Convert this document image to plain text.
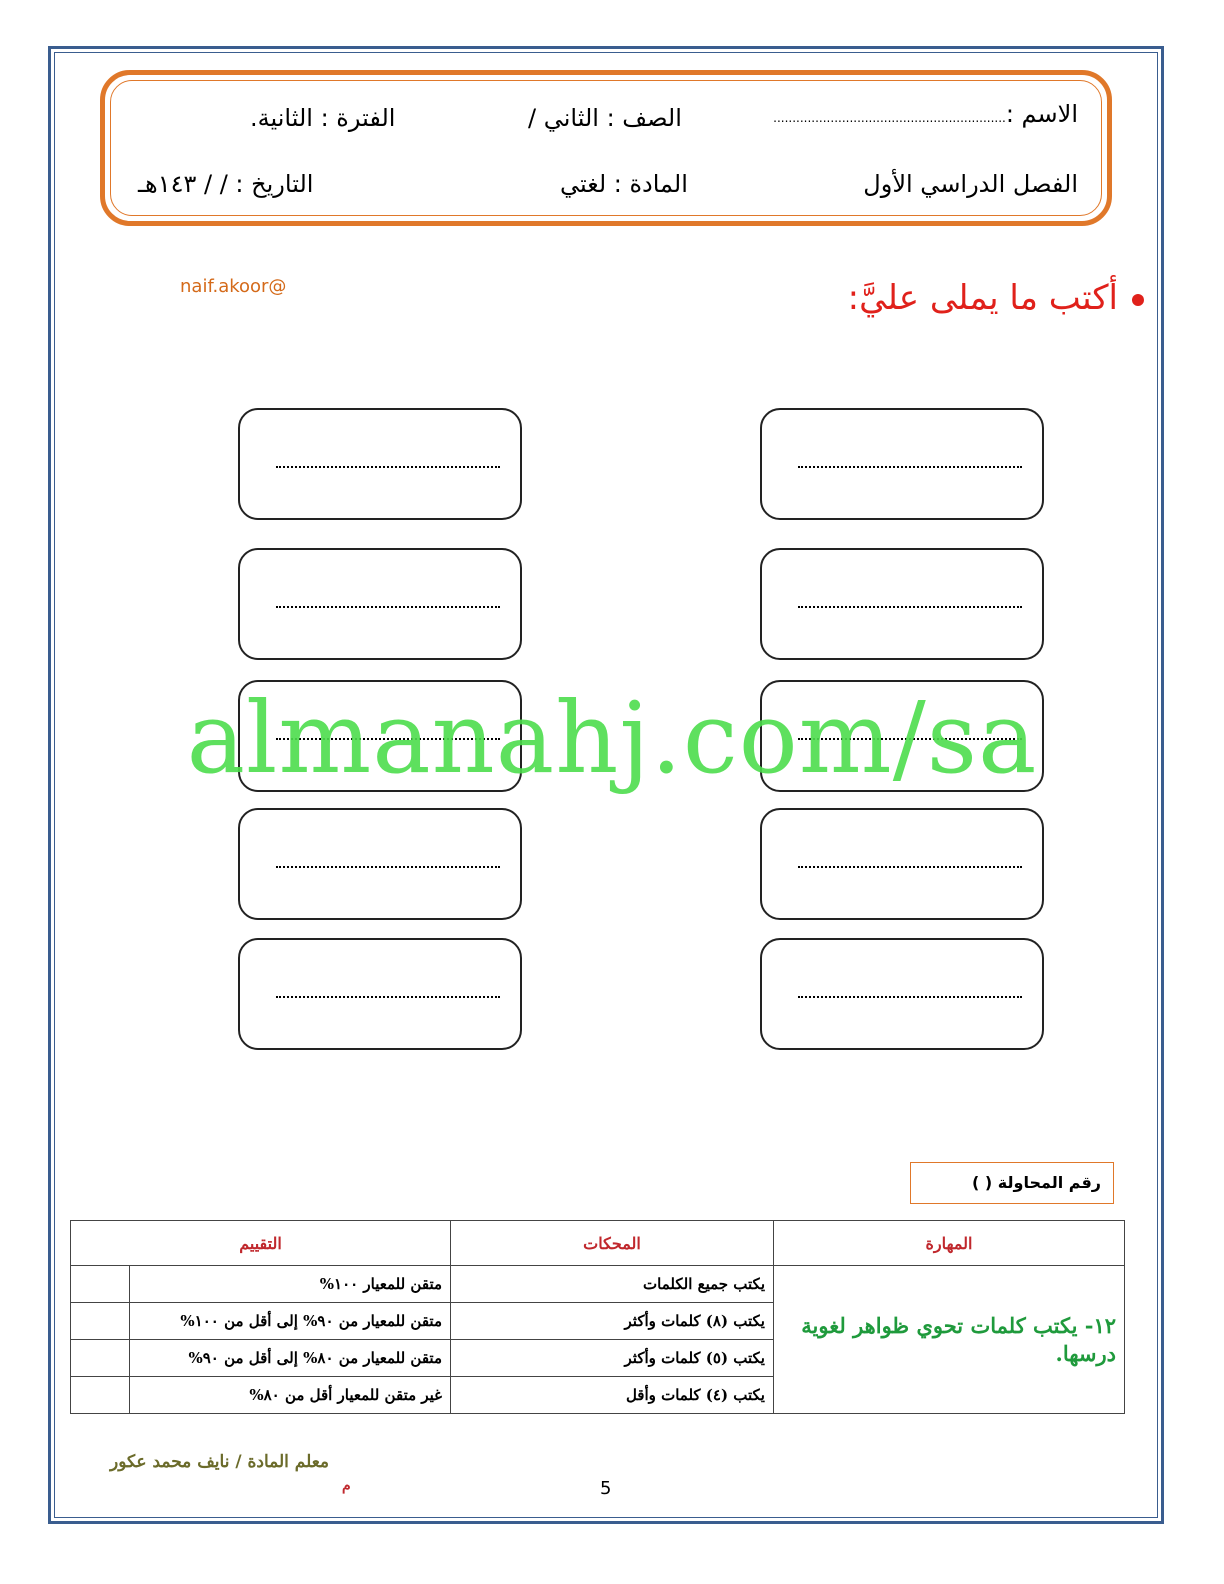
الاسم :.............................................................
الصف : الثاني /
الفترة : الثانية.
الفصل الدراسي الأول
المادة : لغتي
التاريخ : / / ١٤٣هـ
أكتب ما يملى عليَّ:
naif.akoor@
almanahj.com/sa
رقم المحاولة ( )
المهارة	المحكات	التقييم	
١٢- يكتب كلمات تحوي ظواهر لغوية درسها.	يكتب جميع الكلمات	متقن للمعيار ١٠٠%	
	يكتب (٨) كلمات وأكثر	متقن للمعيار من ٩٠% إلى أقل من ١٠٠%	
	يكتب (٥) كلمات وأكثر	متقن للمعيار من ٨٠% إلى أقل من ٩٠%	
	يكتب (٤) كلمات وأقل	غير متقن للمعيار أقل من ٨٠%	
معلم المادة / نايف محمد عكور
م	5
